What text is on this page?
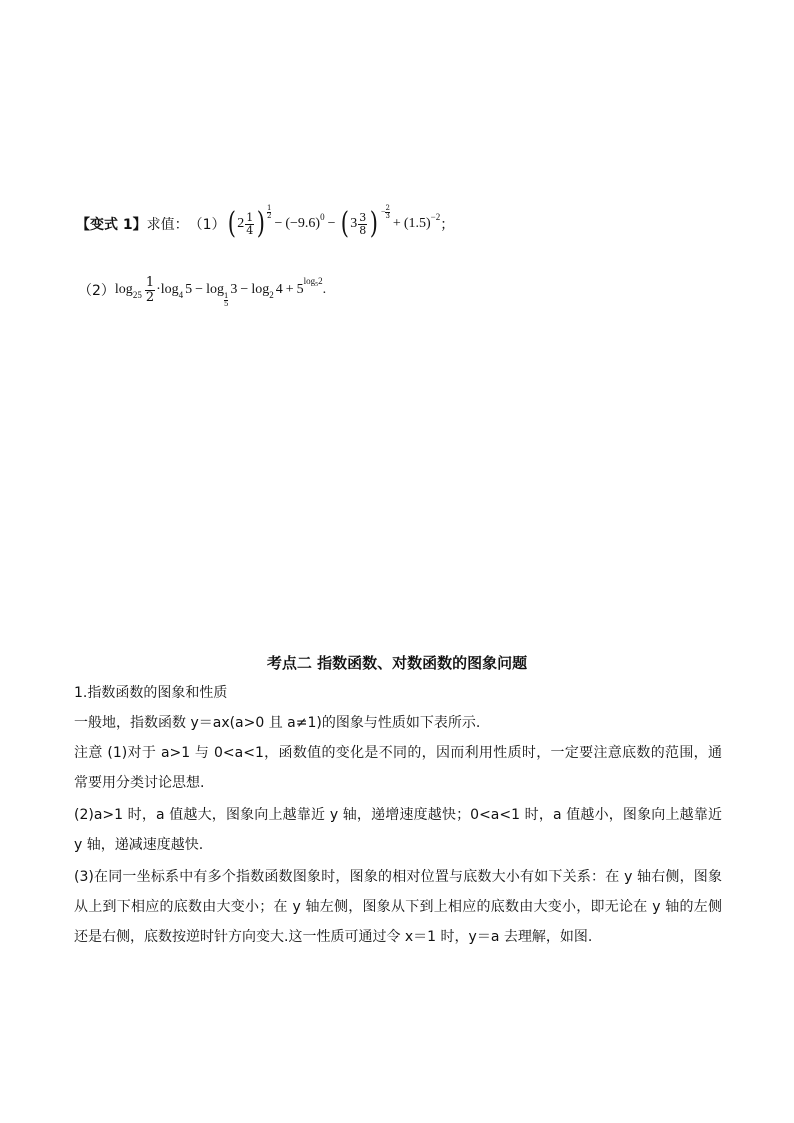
【变式 1】 求值： （1） ( $2 \frac{1}{4}$ ) $\frac{1}{2}$
− (−9.6) 0 − ( $3 \frac{3}{8}$ ) − $\frac{2}{3}$
+ (1.5) −2 ；
（2） $\log 25 \frac{1}{2} \cdot \log 4$ 5 − log
$\frac{1}{5}$
3 − log 2 4 + 5
$\log_52$
.
考点二 指数函数、对数函数的图象问题
1.指数函数的图象和性质
一般地，指数函数 y＝ax(a>0 且 a≠1)的图象与性质如下表所示.
注意 (1)对于 a>1 与 0<a<1，函数值的变化是不同的，因而利用性质时，一定要注意底数的范围，通常要用分类讨论思想.
(2)a>1 时，a 值越大，图象向上越靠近 y 轴，递增速度越快；0<a<1 时，a 值越小，图象向上越靠近 y 轴，递减速度越快.
(3)在同一坐标系中有多个指数函数图象时，图象的相对位置与底数大小有如下关系：在 y 轴右侧，图象从上到下相应的底数由大变小；在 y 轴左侧，图象从下到上相应的底数由大变小，即无论在 y 轴的左侧还是右侧，底数按逆时针方向变大.这一性质可通过令 x＝1 时，y＝a 去理解，如图.
